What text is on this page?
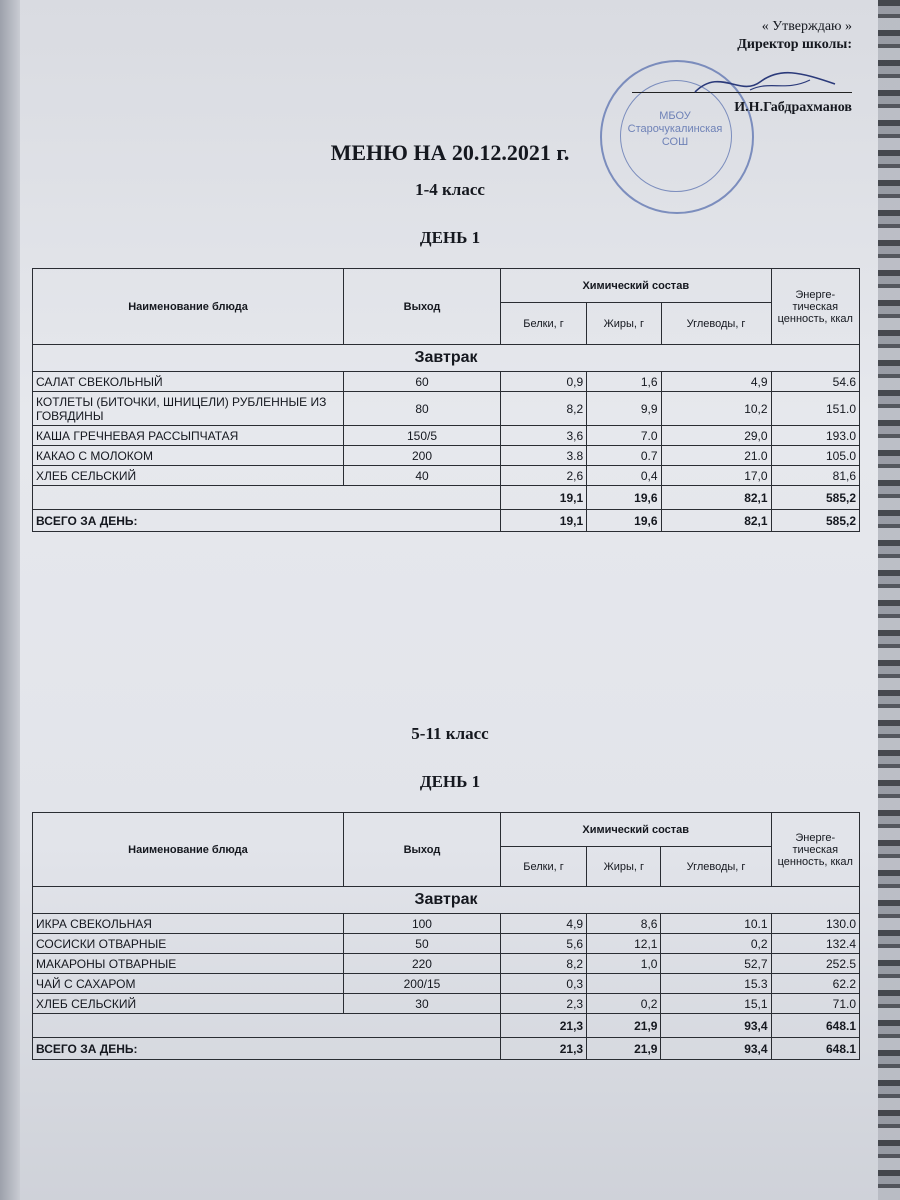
МБОУ Старочукалинская СОШ
« Утверждаю »
Директор школы:
И.Н.Габдрахманов
МЕНЮ НА 20.12.2021 г.
1-4 класс
ДЕНЬ 1
Наименование блюда	Выход	Химический состав			Энерге-тическая ценность, ккал
		Белки, г	Жиры, г	Углеводы, г	
Завтрак					
САЛАТ СВЕКОЛЬНЫЙ	60	0,9	1,6	4,9	54.6
КОТЛЕТЫ (БИТОЧКИ, ШНИЦЕЛИ) РУБЛЕННЫЕ ИЗ ГОВЯДИНЫ	80	8,2	9,9	10,2	151.0
КАША ГРЕЧНЕВАЯ РАССЫПЧАТАЯ	150/5	3,6	7.0	29,0	193.0
КАКАО С МОЛОКОМ	200	3.8	0.7	21.0	105.0
ХЛЕБ СЕЛЬСКИЙ	40	2,6	0,4	17,0	81,6
		19,1	19,6	82,1	585,2
ВСЕГО ЗА ДЕНЬ:		19,1	19,6	82,1	585,2
5-11 класс
ДЕНЬ 1
Наименование блюда	Выход	Химический состав			Энерге-тическая ценность, ккал
		Белки, г	Жиры, г	Углеводы, г	
Завтрак					
ИКРА СВЕКОЛЬНАЯ	100	4,9	8,6	10.1	130.0
СОСИСКИ ОТВАРНЫЕ	50	5,6	12,1	0,2	132.4
МАКАРОНЫ ОТВАРНЫЕ	220	8,2	1,0	52,7	252.5
ЧАЙ С САХАРОМ	200/15	0,3		15.3	62.2
ХЛЕБ СЕЛЬСКИЙ	30	2,3	0,2	15,1	71.0
		21,3	21,9	93,4	648.1
ВСЕГО ЗА ДЕНЬ:		21,3	21,9	93,4	648.1
